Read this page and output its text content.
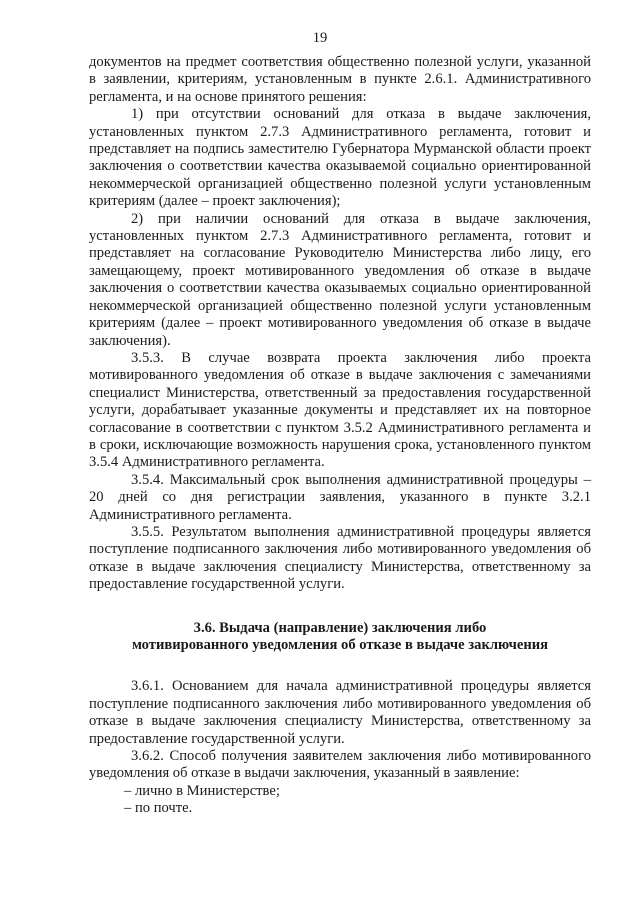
19

документов на предмет соответствия общественно полезной услуги, указанной в заявлении, критериям, установленным в пункте 2.6.1. Административного регламента, и на основе принятого решения:

1) при отсутствии оснований для отказа в выдаче заключения, установленных пунктом 2.7.3 Административного регламента, готовит и представляет на подпись заместителю Губернатора Мурманской области проект заключения о соответствии качества оказываемой социально ориентированной некоммерческой организацией общественно полезной услуги установленным критериям (далее – проект заключения);

2) при наличии оснований для отказа в выдаче заключения, установленных пунктом 2.7.3 Административного регламента, готовит и представляет на согласование Руководителю Министерства либо лицу, его замещающему, проект мотивированного уведомления об отказе в выдаче заключения о соответствии качества оказываемых социально ориентированной некоммерческой организацией общественно полезной услуги установленным критериям (далее – проект мотивированного уведомления об отказе в выдаче заключения).

3.5.3. В случае возврата проекта заключения либо проекта мотивированного уведомления об отказе в выдаче заключения с замечаниями специалист Министерства, ответственный за предоставления государственной услуги, дорабатывает указанные документы и представляет их на повторное согласование в соответствии с пунктом 3.5.2 Административного регламента и в сроки, исключающие возможность нарушения срока, установленного пунктом 3.5.4 Административного регламента.

3.5.4. Максимальный срок выполнения административной процедуры – 20 дней со дня регистрации заявления, указанного в пункте 3.2.1 Административного регламента.

3.5.5. Результатом выполнения административной процедуры является поступление подписанного заключения либо мотивированного уведомления об отказе в выдаче заключения специалисту Министерства, ответственному за предоставление государственной услуги.

3.6. Выдача (направление) заключения либо
мотивированного уведомления об отказе в выдаче заключения

3.6.1. Основанием для начала административной процедуры является поступление подписанного заключения либо мотивированного уведомления об отказе в выдаче заключения специалисту Министерства, ответственному за предоставление государственной услуги.

3.6.2. Способ получения заявителем заключения либо мотивированного уведомления об отказе в выдачи заключения, указанный в заявление:

– лично в Министерстве;

– по почте.
